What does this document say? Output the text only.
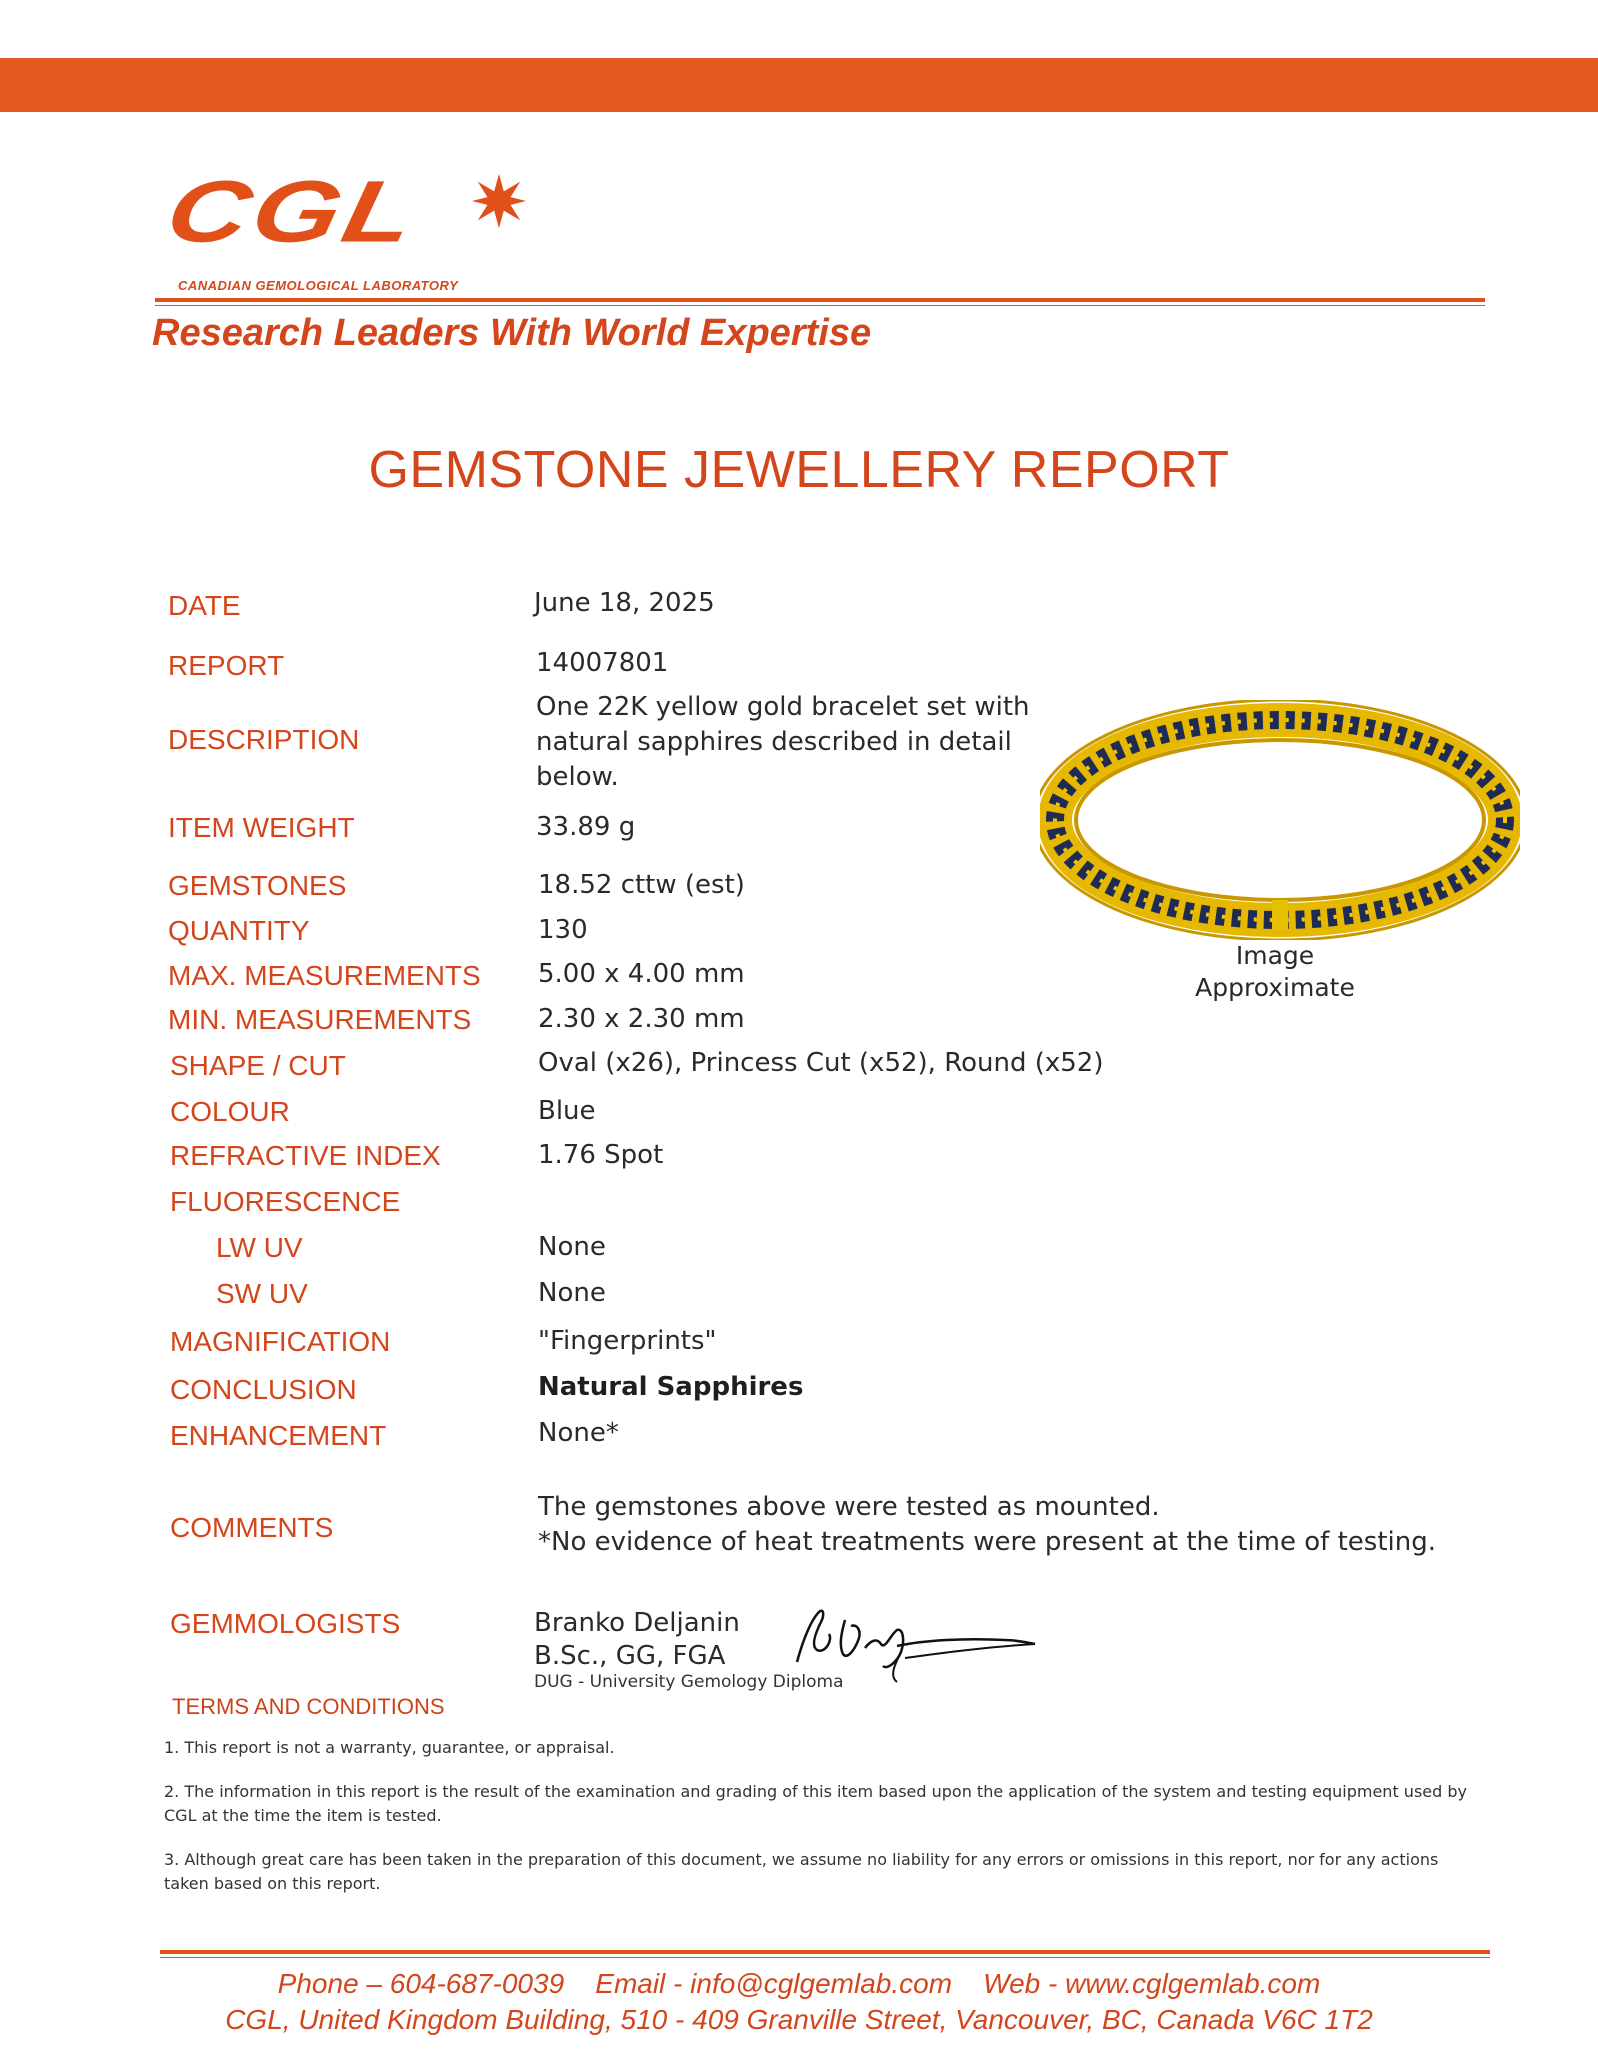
CGL
CANADIAN GEMOLOGICAL LABORATORY
Research Leaders With World Expertise
GEMSTONE JEWELLERY REPORT
DATE
REPORT
DESCRIPTION
ITEM WEIGHT
GEMSTONES
QUANTITY
MAX. MEASUREMENTS
MIN. MEASUREMENTS
SHAPE / CUT
COLOUR
REFRACTIVE INDEX
FLUORESCENCE
LW UV
SW UV
MAGNIFICATION
CONCLUSION
ENHANCEMENT
COMMENTS
GEMMOLOGISTS
June 18, 2025
14007801
One 22K yellow gold bracelet set with natural sapphires described in detail below.
33.89 g
18.52 cttw (est)
130
5.00 x 4.00 mm
2.30 x 2.30 mm
Oval (x26), Princess Cut (x52), Round (x52)
Blue
1.76 Spot
None
None
"Fingerprints"
Natural Sapphires
None*
The gemstones above were tested as mounted.
*No evidence of heat treatments were present at the time of testing.
Image
Approximate
Branko Deljanin
B.Sc., GG, FGA
DUG - University Gemology Diploma
TERMS AND CONDITIONS
1. This report is not a warranty, guarantee, or appraisal.
2. The information in this report is the result of the examination and grading of this item based upon the application of the system and testing equipment used by CGL at the time the item is tested.
3. Although great care has been taken in the preparation of this document, we assume no liability for any errors or omissions in this report, nor for any actions taken based on this report.
Phone – 604-687-0039 Email - info@cglgemlab.com Web - www.cglgemlab.com
CGL, United Kingdom Building, 510 - 409 Granville Street, Vancouver, BC, Canada V6C 1T2
